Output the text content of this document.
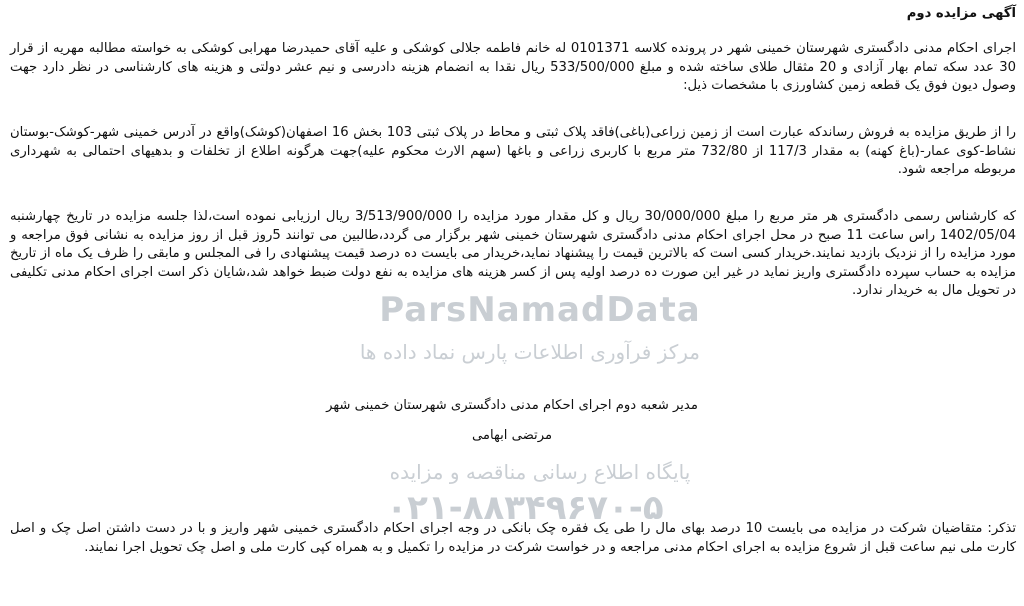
ParsNamadData
مرکز فرآوری اطلاعات پارس نماد داده ها
پایگاه اطلاع رسانی مناقصه و مزایده
۰۲۱-۸۸۳۴۹۶۷۰-۵

آگهی مزایده دوم

اجرای احکام مدنی دادگستری شهرستان خمینی شهر در پرونده کلاسه 0101371 له خانم فاطمه جلالی کوشکی و علیه آقای حمیدرضا مهرابی کوشکی به خواسته مطالبه مهریه از قرار 30 عدد سکه تمام بهار آزادی و 20 مثقال طلای ساخته شده و مبلغ 533/500/000 ریال نقدا به انضمام هزینه دادرسی و نیم عشر دولتی و هزینه های کارشناسی در نظر دارد جهت وصول دیون فوق یک قطعه زمین کشاورزی با مشخصات ذیل:

را از طریق مزایده به فروش رساندکه عبارت است از زمین زراعی(باغی)فاقد پلاک ثبتی و محاط در پلاک ثبتی 103 بخش 16 اصفهان(کوشک)واقع در آدرس خمینی شهر-کوشک-بوستان نشاط-کوی عمار-(باغ کهنه) به مقدار 117/3 از 732/80 متر مربع با کاربری زراعی و باغها (سهم الارث محکوم علیه)جهت هرگونه اطلاع از تخلفات و بدهیهای احتمالی به شهرداری مربوطه مراجعه شود.

که کارشناس رسمی دادگستری هر متر مربع را مبلغ 30/000/000 ریال و کل مقدار مورد مزایده را 3/513/900/000 ریال ارزیابی نموده است،لذا جلسه مزایده در تاریخ چهارشنبه 1402/05/04 راس ساعت 11 صبح در محل اجرای احکام مدنی دادگستری شهرستان خمینی شهر برگزار می گردد،طالبین می توانند 5روز قبل از روز مزایده به نشانی فوق مراجعه و مورد مزایده را از نزدیک بازدید نمایند.خریدار کسی است که بالاترین قیمت را پیشنهاد نماید،خریدار می بایست ده درصد قیمت پیشنهادی را فی المجلس و مابقی را ظرف یک ماه از تاریخ مزایده به حساب سپرده دادگستری واریز نماید در غیر این صورت ده درصد اولیه پس از کسر هزینه های مزایده به نفع دولت ضبط خواهد شد،شایان ذکر است اجرای احکام مدنی تکلیفی در تحویل مال به خریدار ندارد.

مدیر شعبه دوم اجرای احکام مدنی دادگستری شهرستان خمینی شهر

مرتضی ابهامی

تذکر: متقاضیان شرکت در مزایده می بایست 10 درصد بهای مال را طی یک فقره چک بانکی در وجه اجرای احکام دادگستری خمینی شهر واریز و با در دست داشتن اصل چک و اصل کارت ملی نیم ساعت قبل از شروع مزایده به اجرای احکام مدنی مراجعه و در خواست شرکت در مزایده را تکمیل و به همراه کپی کارت ملی و اصل چک تحویل اجرا نمایند.
